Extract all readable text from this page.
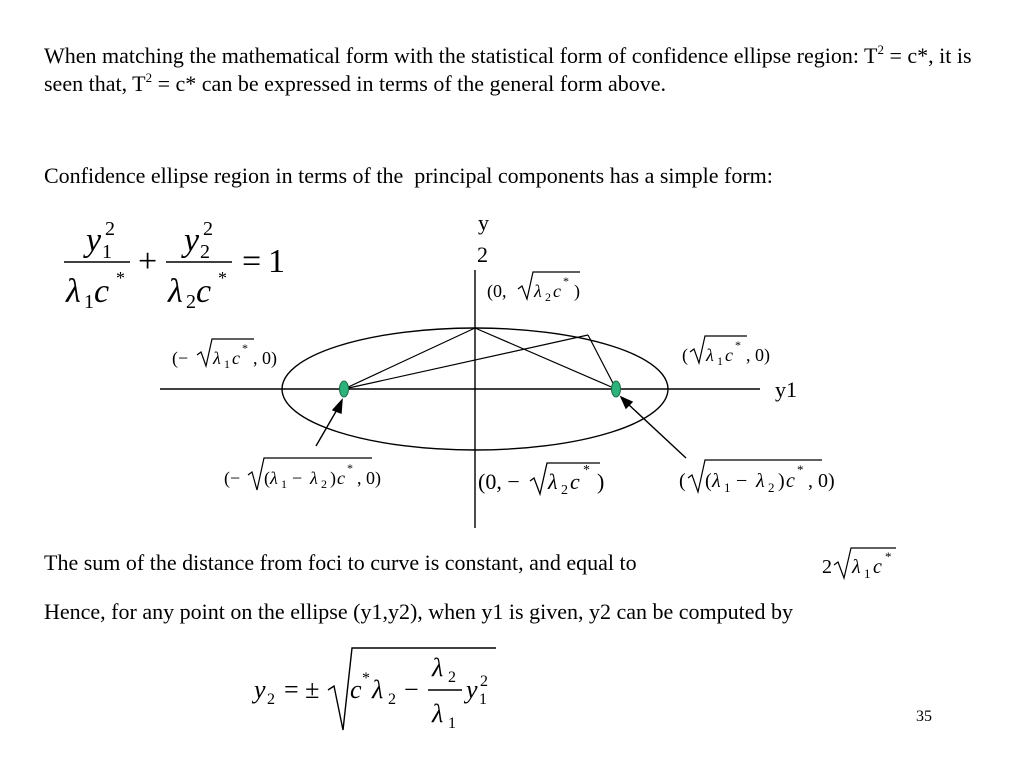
When matching the mathematical form with the statistical form of confidence ellipse region: $T^2 = c*$, it is seen that, $T^2 = c*$ can be expressed in terms of the general form above.

Confidence ellipse region in terms of the  principal components has a simple form:

y 2
1
λ 1 c * +
y 2
2
λ 2 c * = 1
y
2
y1
(0, λ 2 c * )
( λ 1 c * , 0)
(− λ 1 c * , 0)
(− ( λ 1 − λ 2 ) c * , 0)	(0, − λ 2 c * )	( ( λ 1 − λ 2 ) c
*
, 0)

The sum of the distance from foci to curve is constant, and equal to	2 λ 1 c *

Hence, for any point on the ellipse (y1,y2), when y1 is given, y2 can be computed by

y 2 = ± c * λ 2 −
λ 2
λ 1
y 2
1
35
